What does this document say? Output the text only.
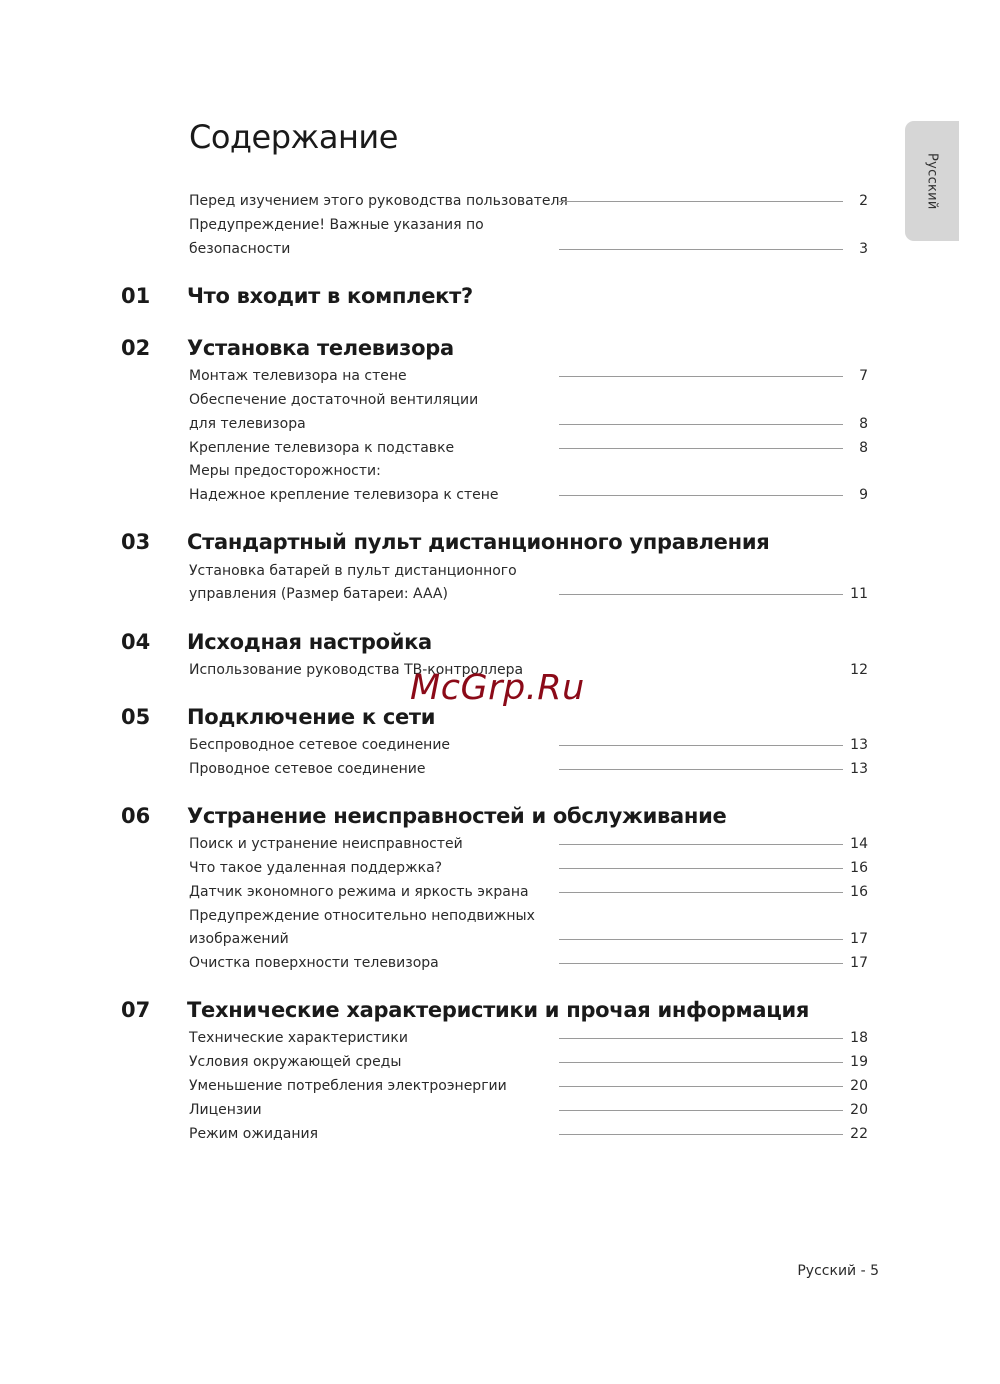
Содержание
Русский
Перед изучением этого руководства пользователя	2
Предупреждение! Важные указания по
безопасности	3
01 Что входит в комплект?
02 Установка телевизора
Монтаж телевизора на стене	7
Обеспечение достаточной вентиляции
для телевизора	8
Крепление телевизора к подставке	8
Меры предосторожности:
Надежное крепление телевизора к стене	9
03 Стандартный пульт дистанционного управления
Установка батарей в пульт дистанционного
управления (Размер батареи: AAA)	11
04 Исходная настройка
Использование руководства ТВ-контроллера	12
05 Подключение к сети
Беспроводное сетевое соединение	13
Проводное сетевое соединение	13
06 Устранение неисправностей и обслуживание
Поиск и устранение неисправностей	14
Что такое удаленная поддержка?	16
Датчик экономного режима и яркость экрана	16
Предупреждение относительно неподвижных
изображений	17
Очистка поверхности телевизора	17
07 Технические характеристики и прочая информация
Технические характеристики	18
Условия окружающей среды	19
Уменьшение потребления электроэнергии	20
Лицензии	20
Режим ожидания	22
McGrp.Ru
Русский - 5
